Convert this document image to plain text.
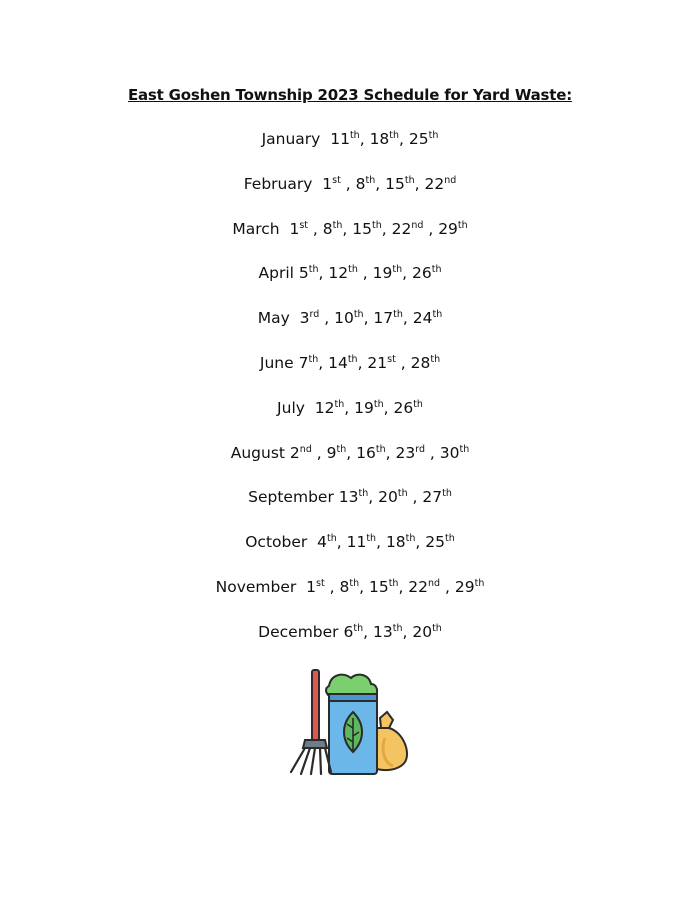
East Goshen Township 2023 Schedule for Yard Waste:
January 11th, 18th, 25th
February 1st , 8th, 15th, 22nd
March 1st , 8th, 15th, 22nd , 29th
April 5th, 12th , 19th, 26th
May 3rd , 10th, 17th, 24th
June 7th, 14th, 21st , 28th
July 12th, 19th, 26th
August 2nd , 9th, 16th, 23rd , 30th
September 13th, 20th , 27th
October 4th, 11th, 18th, 25th
November 1st , 8th, 15th, 22nd , 29th
December 6th, 13th, 20th
